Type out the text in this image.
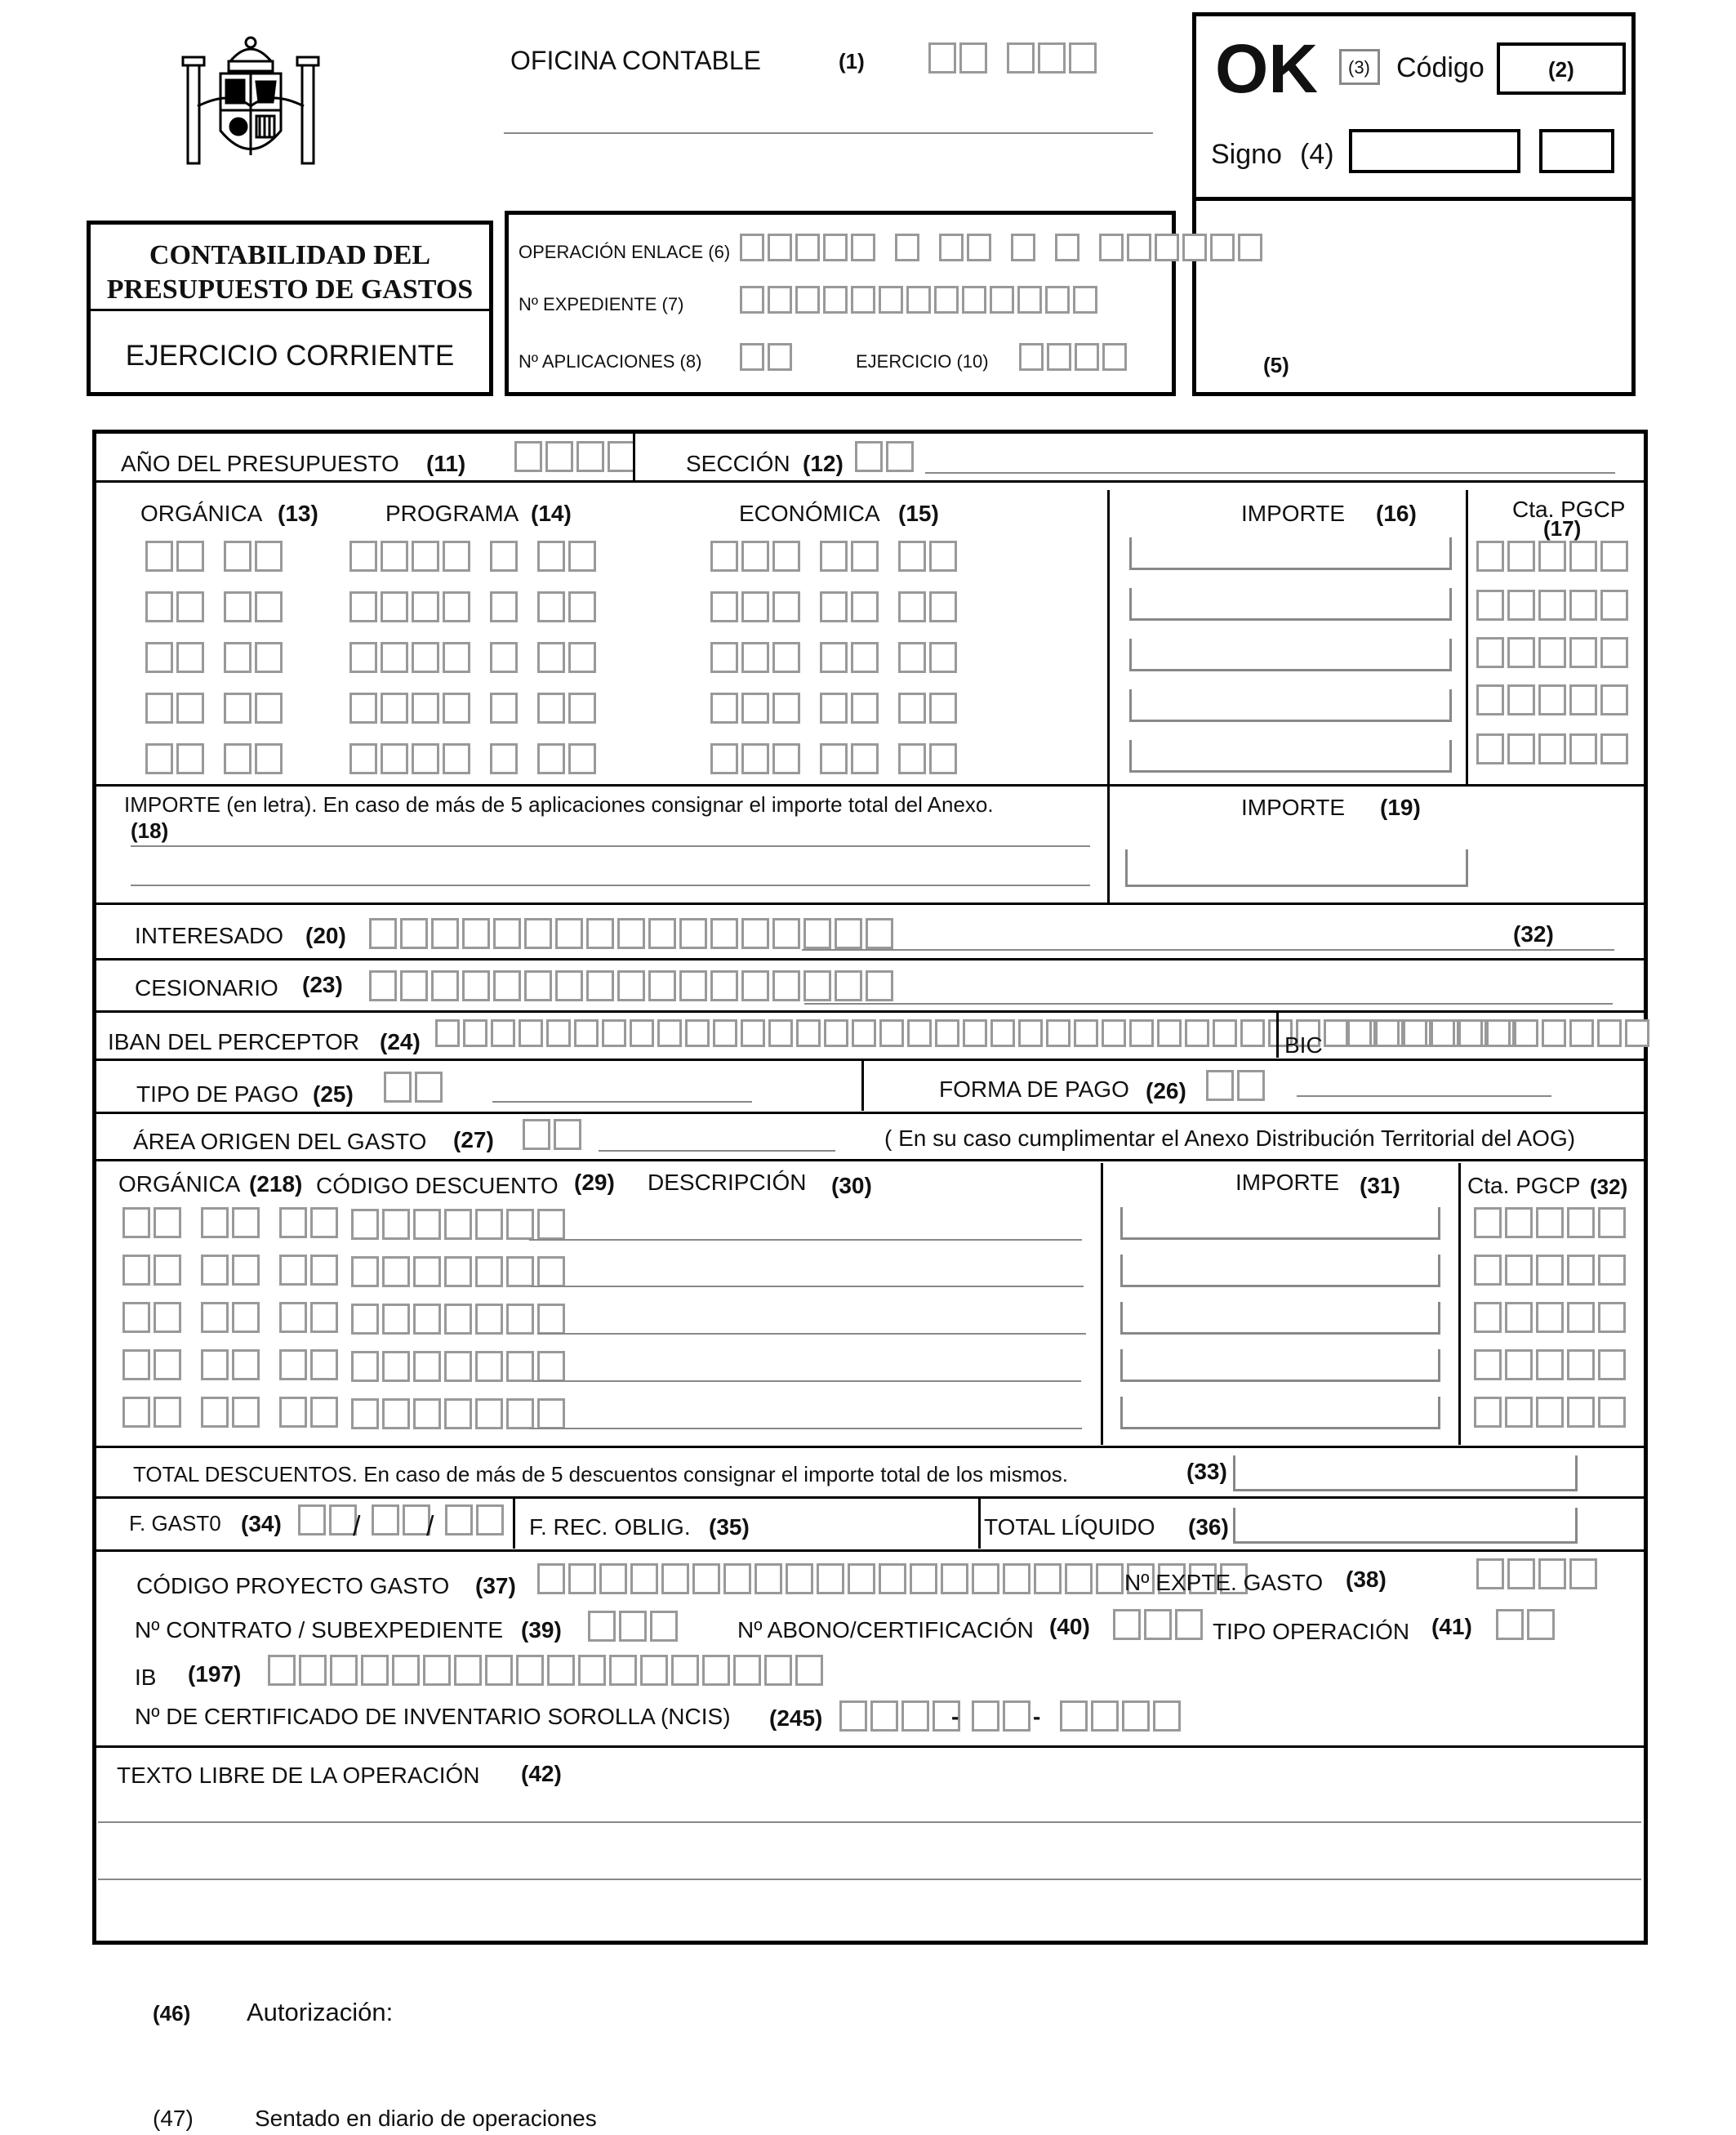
OFICINA CONTABLE	(1)	OK (3) Código	(2)
Signo (4)
(5)
CONTABILIDAD DEL
PRESUPUESTO DE GASTOS
EJERCICIO CORRIENTE
OPERACIÓN ENLACE (6)
Nº EXPEDIENTE (7)
Nº APLICACIONES (8)	EJERCICIO (10)
AÑO DEL PRESUPUESTO (11)	SECCIÓN (12)
ORGÁNICA (13)	PROGRAMA (14)	ECONÓMICA (15)	IMPORTE (16)	Cta. PGCP
(17)
IMPORTE (en letra). En caso de más de 5 aplicaciones consignar el importe total del Anexo.
(18)
IMPORTE (19)
INTERESADO (20)	(32)
CESIONARIO (23)
IBAN DEL PERCEPTOR (24)	BIC
TIPO DE PAGO (25)	FORMA DE PAGO (26)
ÁREA ORIGEN DEL GASTO (27)	( En su caso cumplimentar el Anexo Distribución Territorial del AOG)
ORGÁNICA (218) CÓDIGO DESCUENTO (29) DESCRIPCIÓN (30)	IMPORTE (31)	Cta. PGCP (32)
TOTAL DESCUENTOS. En caso de más de 5 descuentos consignar el importe total de los mismos.	(33)
F. GAST0 (34)	/ /	F. REC. OBLIG. (35)	TOTAL LÍQUIDO (36)
CÓDIGO PROYECTO GASTO (37)	Nº EXPTE. GASTO (38)
Nº CONTRATO / SUBEXPEDIENTE (39)	Nº ABONO/CERTIFICACIÓN (40)	TIPO OPERACIÓN (41)
IB (197)
Nº DE CERTIFICADO DE INVENTARIO SOROLLA (NCIS) (245)	-	-
TEXTO LIBRE DE LA OPERACIÓN (42)
(46) Autorización:
(47)	Sentado en diario de operaciones
